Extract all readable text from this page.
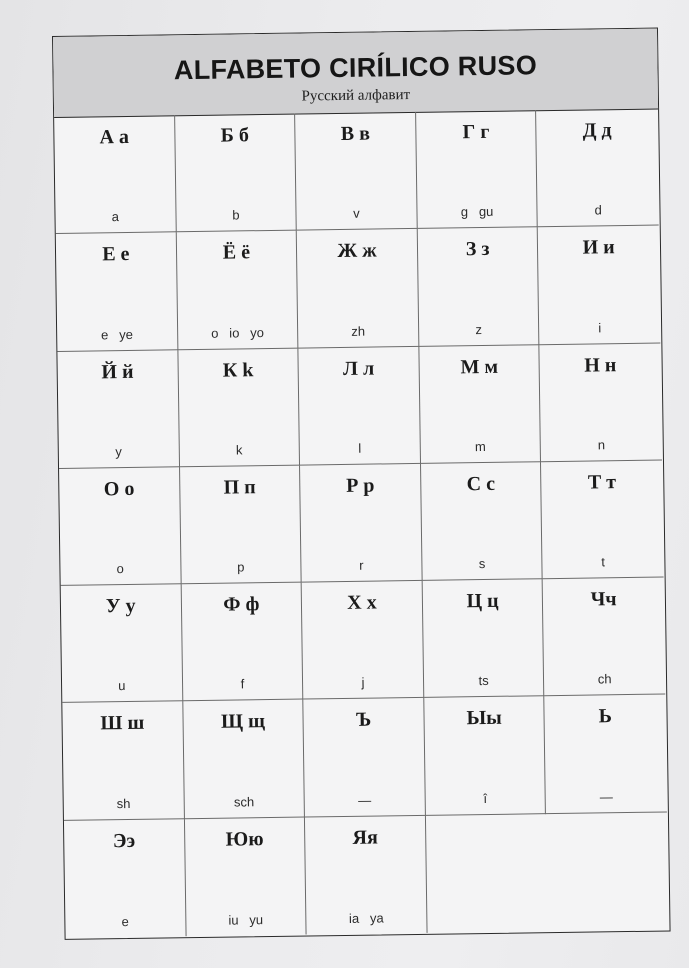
ALFABETO CIRÍLICO RUSO
Русский алфавит
А а
a
Б б
b
В в
v
Г г
g   gu
Д д
d
Е е
e   ye
Ё ё
o   io   yo
Ж ж
zh
З з
z
И и
i
Й й
y
К k
k
Л л
l
М м
m
Н н
n
О о
o
П п
p
Р р
r
С с
s
Т т
t
У у
u
Ф ф
f
Х х
j
Ц ц
ts
Чч
ch
Ш ш
sh
Щ щ
sch
Ъ
—
Ыы
î
Ь
—
Ээ
e
Юю
iu   yu
Яя
ia   ya
